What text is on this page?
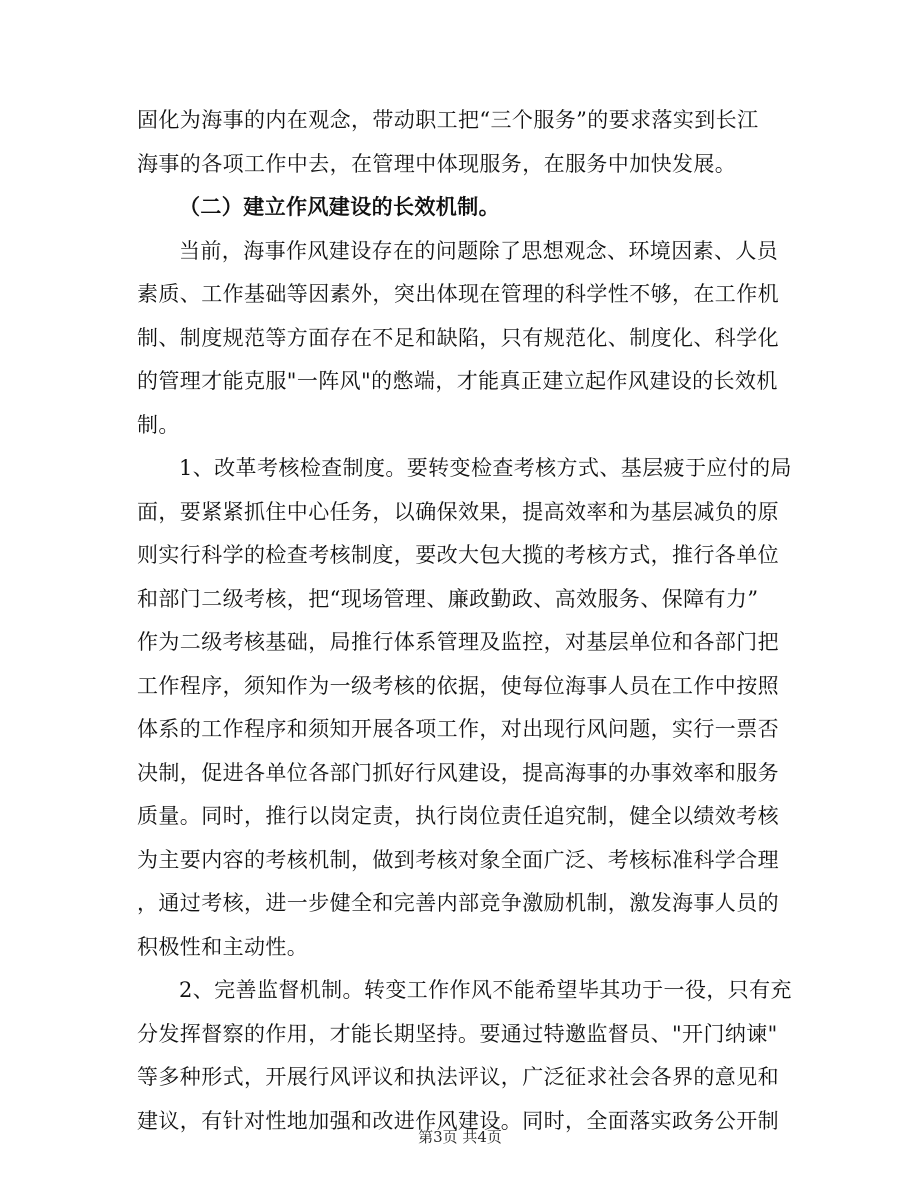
固化为海事的内在观念，带动职工把“三个服务”的要求落实到长江
海事的各项工作中去，在管理中体现服务，在服务中加快发展。
（二）建立作风建设的长效机制。
当前，海事作风建设存在的问题除了思想观念、环境因素、人员
素质、工作基础等因素外，突出体现在管理的科学性不够，在工作机
制、制度规范等方面存在不足和缺陷，只有规范化、制度化、科学化
的管理才能克服"一阵风"的憋端，才能真正建立起作风建设的长效机
制。
1、改革考核检查制度。要转变检查考核方式、基层疲于应付的局
面，要紧紧抓住中心任务，以确保效果，提高效率和为基层减负的原
则实行科学的检查考核制度，要改大包大揽的考核方式，推行各单位
和部门二级考核，把“现场管理、廉政勤政、高效服务、保障有力”
作为二级考核基础，局推行体系管理及监控，对基层单位和各部门把
工作程序，须知作为一级考核的依据，使每位海事人员在工作中按照
体系的工作程序和须知开展各项工作，对出现行风问题，实行一票否
决制，促进各单位各部门抓好行风建设，提高海事的办事效率和服务
质量。同时，推行以岗定责，执行岗位责任追究制，健全以绩效考核
为主要内容的考核机制，做到考核对象全面广泛、考核标准科学合理
，通过考核，进一步健全和完善内部竞争激励机制，激发海事人员的
积极性和主动性。
2、完善监督机制。转变工作作风不能希望毕其功于一役，只有充
分发挥督察的作用，才能长期坚持。要通过特邀监督员、"开门纳谏"
等多种形式，开展行风评议和执法评议，广泛征求社会各界的意见和
建议，有针对性地加强和改进作风建设。同时，全面落实政务公开制
第3页 共4页
